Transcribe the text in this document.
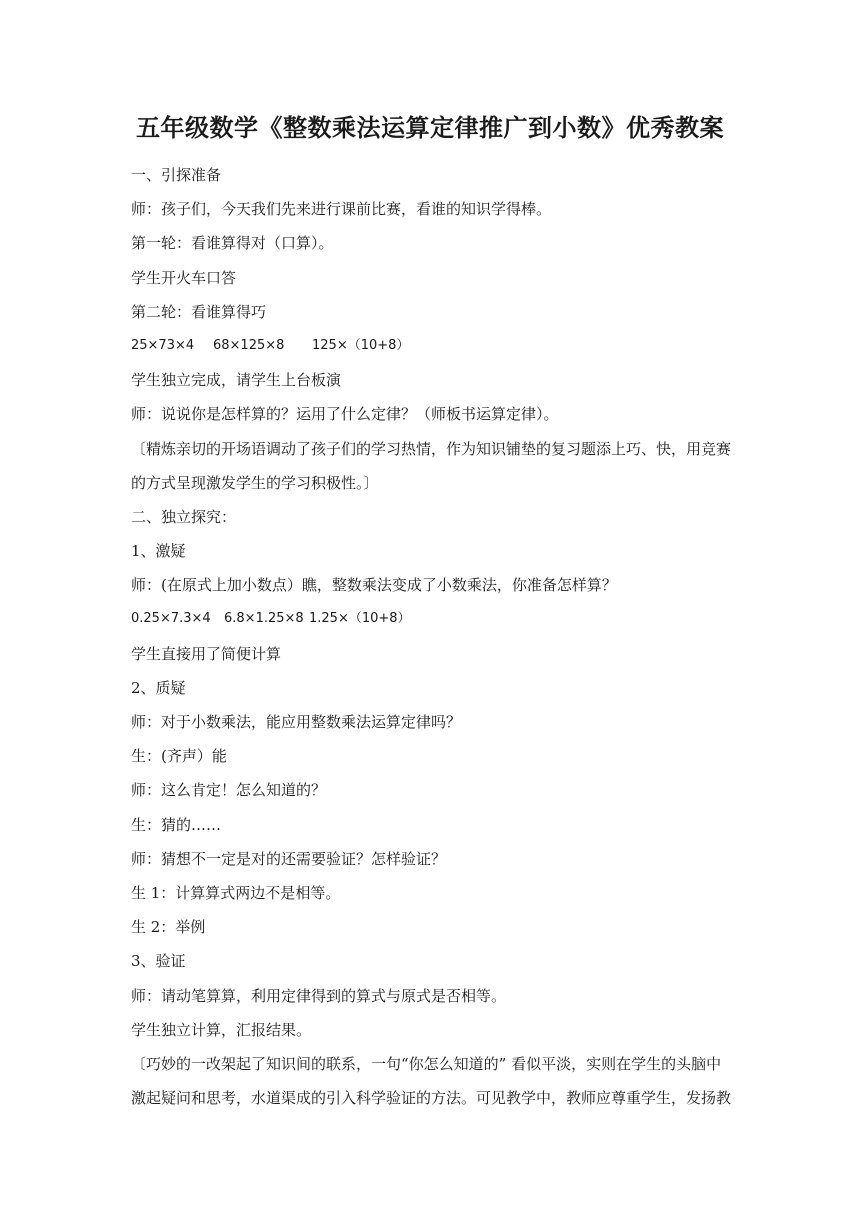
五年级数学《整数乘法运算定律推广到小数》优秀教案
一、引探准备
师：孩子们，今天我们先来进行课前比赛，看谁的知识学得棒。
第一轮：看谁算得对（口算）。
学生开火车口答
第二轮：看谁算得巧
25×73×4 68×125×8 125×（10+8）
学生独立完成，请学生上台板演
师：说说你是怎样算的？运用了什么定律？（师板书运算定律）。
〔精炼亲切的开场语调动了孩子们的学习热情，作为知识铺垫的复习题添上巧、快，用竞赛
的方式呈现激发学生的学习积极性。〕
二、独立探究：
1、激疑
师：(在原式上加小数点）瞧，整数乘法变成了小数乘法，你准备怎样算？
0.25×7.3×4 6.8×1.25×8 1.25×（10+8）
学生直接用了简便计算
2、质疑
师：对于小数乘法，能应用整数乘法运算定律吗？
生：(齐声）能
师：这么肯定！怎么知道的？
生：猜的……
师：猜想不一定是对的还需要验证？怎样验证？
生 1：计算算式两边不是相等。
生 2：举例
3、验证
师：请动笔算算，利用定律得到的算式与原式是否相等。
学生独立计算，汇报结果。
〔巧妙的一改架起了知识间的联系，一句“你怎么知道的” 看似平淡，实则在学生的头脑中
激起疑问和思考，水道渠成的引入科学验证的方法。可见教学中，教师应尊重学生，发扬教
